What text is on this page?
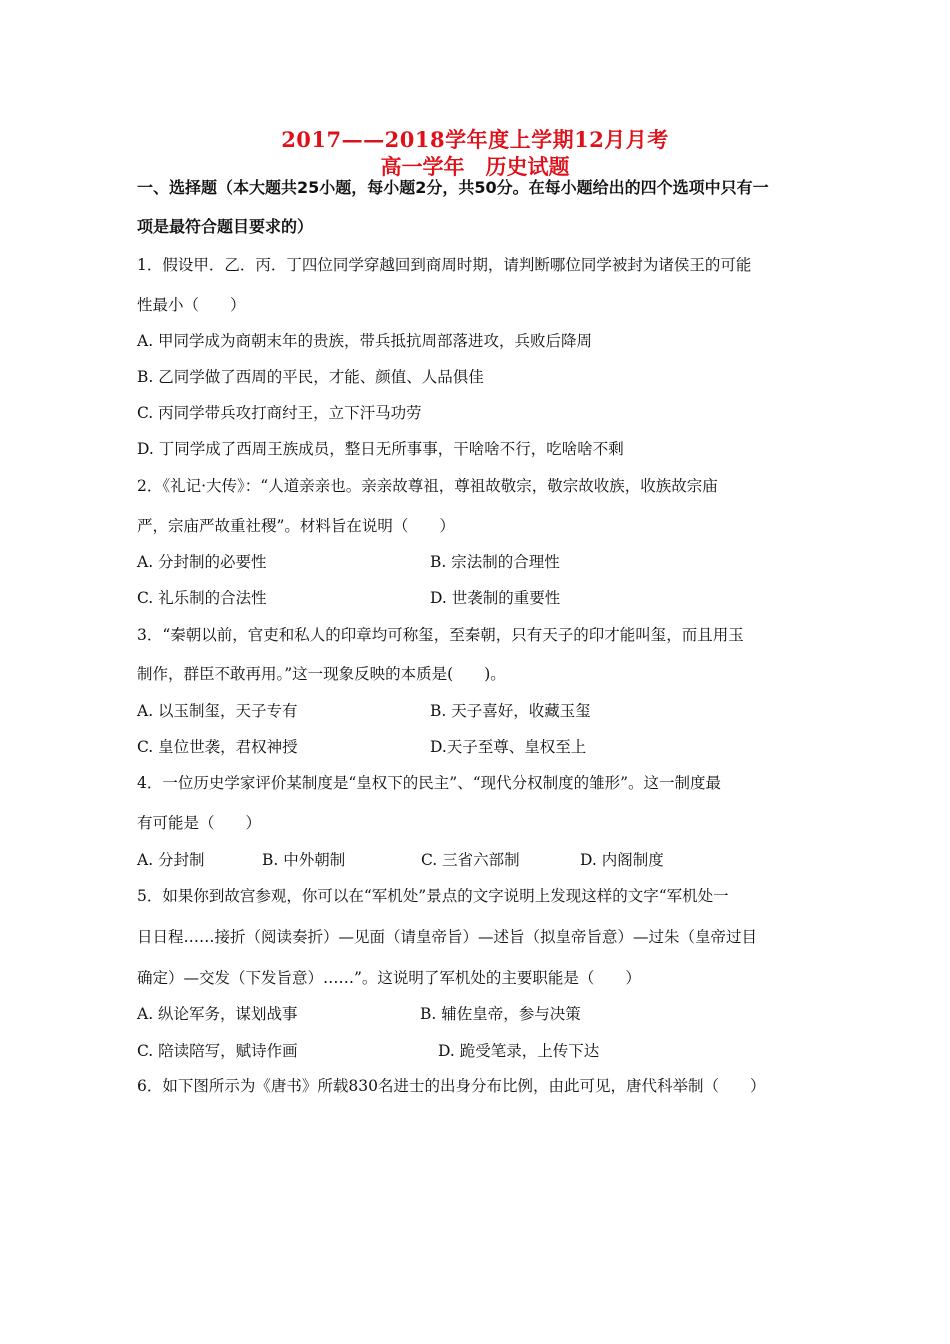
2017——2018学年度上学期12月月考
高一学年　历史试题
一、选择题（本大题共25小题，每小题2分，共50分。在每小题给出的四个选项中只有一
项是最符合题目要求的）
1．假设甲．乙．丙．丁四位同学穿越回到商周时期，请判断哪位同学被封为诸侯王的可能
性最小（　　）
A. 甲同学成为商朝末年的贵族，带兵抵抗周部落进攻，兵败后降周
B. 乙同学做了西周的平民，才能、颜值、人品俱佳
C. 丙同学带兵攻打商纣王，立下汗马功劳
D. 丁同学成了西周王族成员，整日无所事事，干啥啥不行，吃啥啥不剩
2．《礼记·大传》：“人道亲亲也。亲亲故尊祖，尊祖故敬宗，敬宗故收族，收族故宗庙
严，宗庙严故重社稷”。材料旨在说明（　　）
A. 分封制的必要性	B. 宗法制的合理性
C. 礼乐制的合法性	D. 世袭制的重要性
3．“秦朝以前，官吏和私人的印章均可称玺，至秦朝，只有天子的印才能叫玺，而且用玉
制作，群臣不敢再用。”这一现象反映的本质是(　　)。
A. 以玉制玺，天子专有	B. 天子喜好，收藏玉玺
C. 皇位世袭，君权神授	D.天子至尊、皇权至上
4．一位历史学家评价某制度是“皇权下的民主”、“现代分权制度的雏形”。这一制度最
有可能是（　　）
A. 分封制	B. 中外朝制	C. 三省六部制	D. 内阁制度
5．如果你到故宫参观，你可以在“军机处”景点的文字说明上发现这样的文字“军机处一
日日程……接折（阅读奏折）—见面（请皇帝旨）—述旨（拟皇帝旨意）—过朱（皇帝过目
确定）—交发（下发旨意）……”。这说明了军机处的主要职能是（　　）
A. 纵论军务，谋划战事	B. 辅佐皇帝，参与决策
C. 陪读陪写，赋诗作画	D. 跪受笔录，上传下达
6．如下图所示为《唐书》所载830名进士的出身分布比例，由此可见，唐代科举制（　　）
